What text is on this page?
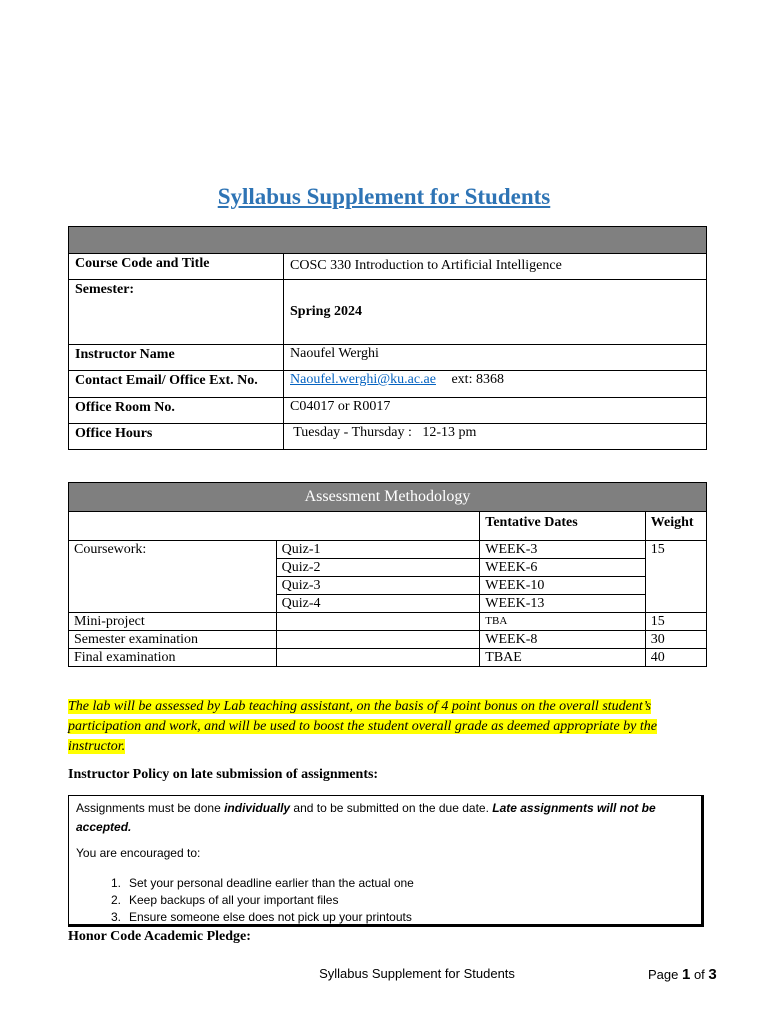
Syllabus Supplement for Students

Course Code and Title	COSC 330 Introduction to Artificial Intelligence
Semester:	Spring 2024
Instructor Name	Naoufel Werghi
Contact Email/ Office Ext. No.	Naoufel.werghi@ku.ac.ae ext: 8368
Office Room No.	C04017 or R0017
Office Hours	Tuesday - Thursday :   12-13 pm
Assessment Methodology			
		Tentative Dates	Weight
Coursework:	Quiz-1	WEEK-3	15
	Quiz-2	WEEK-6	
	Quiz-3	WEEK-10	
	Quiz-4	WEEK-13	
Mini-project		TBA	15
Semester examination		WEEK-8	30
Final examination		TBAE	40
The lab will be assessed by Lab teaching assistant, on the basis of 4 point bonus on the overall student’s participation and work, and will be used to boost the student overall grade as deemed appropriate by the instructor.
Instructor Policy on late submission of assignments:

Assignments must be done individually and to be submitted on the due date. Late assignments will not be accepted.

You are encouraged to:

1. Set your personal deadline earlier than the actual one
2. Keep backups of all your important files
3. Ensure someone else does not pick up your printouts
Honor Code Academic Pledge:
Syllabus Supplement for Students	Page 1 of 3
